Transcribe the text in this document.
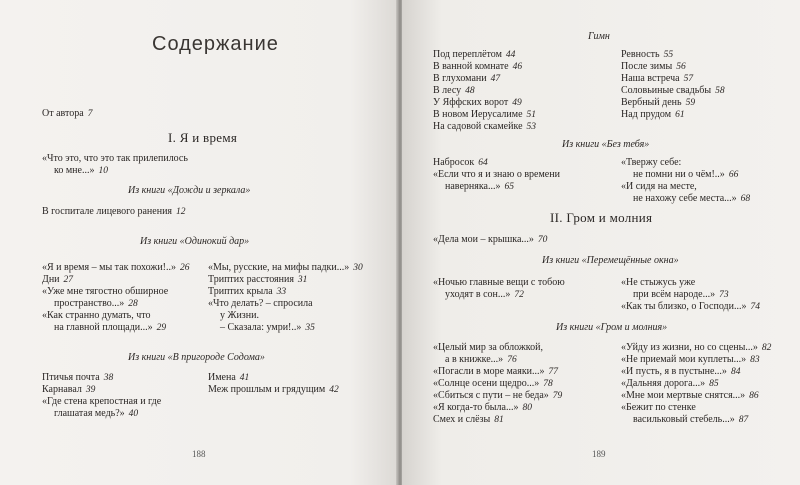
Содержание
От автора 7
I. Я и время
«Что это, что это так прилепилось
ко мне...» 10
Из книги «Дожди и зеркала»
В госпитале лицевого ранения 12
Из книги «Одинокий дар»
«Я и время – мы так похожи!..» 26
Дни 27
«Уже мне тягостно обширное
пространство...» 28
«Как странно думать, что
на главной площади...» 29
«Мы, русские, на мифы падки...» 30
Триптих расстояния 31
Триптих крыла 33
«Что делать? – спросила
у Жизни.
– Сказала: умри!..» 35
Из книги «В пригороде Содома»
Птичья почта 38
Карнавал 39
«Где стена крепостная и где
глашатая медь?» 40
Имена 41
Меж прошлым и грядущим 42
188
Гимн
Под переплётом 44
В ванной комнате 46
В глухомани 47
В лесу 48
У Яффских ворот 49
В новом Иерусалиме 51
На садовой скамейке 53
Ревность 55
После зимы 56
Наша встреча 57
Соловьиные свадьбы 58
Вербный день 59
Над прудом 61
Из книги «Без тебя»
Набросок 64
«Если что я и знаю о времени
наверняка...» 65
«Твержу себе:
не помни ни о чём!..» 66
«И сидя на месте,
не нахожу себе места...» 68
II. Гром и молния
«Дела мои – крышка...» 70
Из книги «Перемещённые окна»
«Ночью главные вещи с тобою
уходят в сон...» 72
«Не стыжусь уже
при всём народе...» 73
«Как ты близко, о Господи...» 74
Из книги «Гром и молния»
«Целый мир за обложкой,
а в книжке...» 76
«Погасли в море маяки...» 77
«Солнце осени щедро...» 78
«Сбиться с пути – не беда» 79
«Я когда-то была...» 80
Смех и слёзы 81
«Уйду из жизни, но со сцены...» 82
«Не приемай мои куплеты...» 83
«И пусть, я в пустыне...» 84
«Дальняя дорога...» 85
«Мне мои мертвые снятся...» 86
«Бежит по стенке
васильковый стебель...» 87
189
